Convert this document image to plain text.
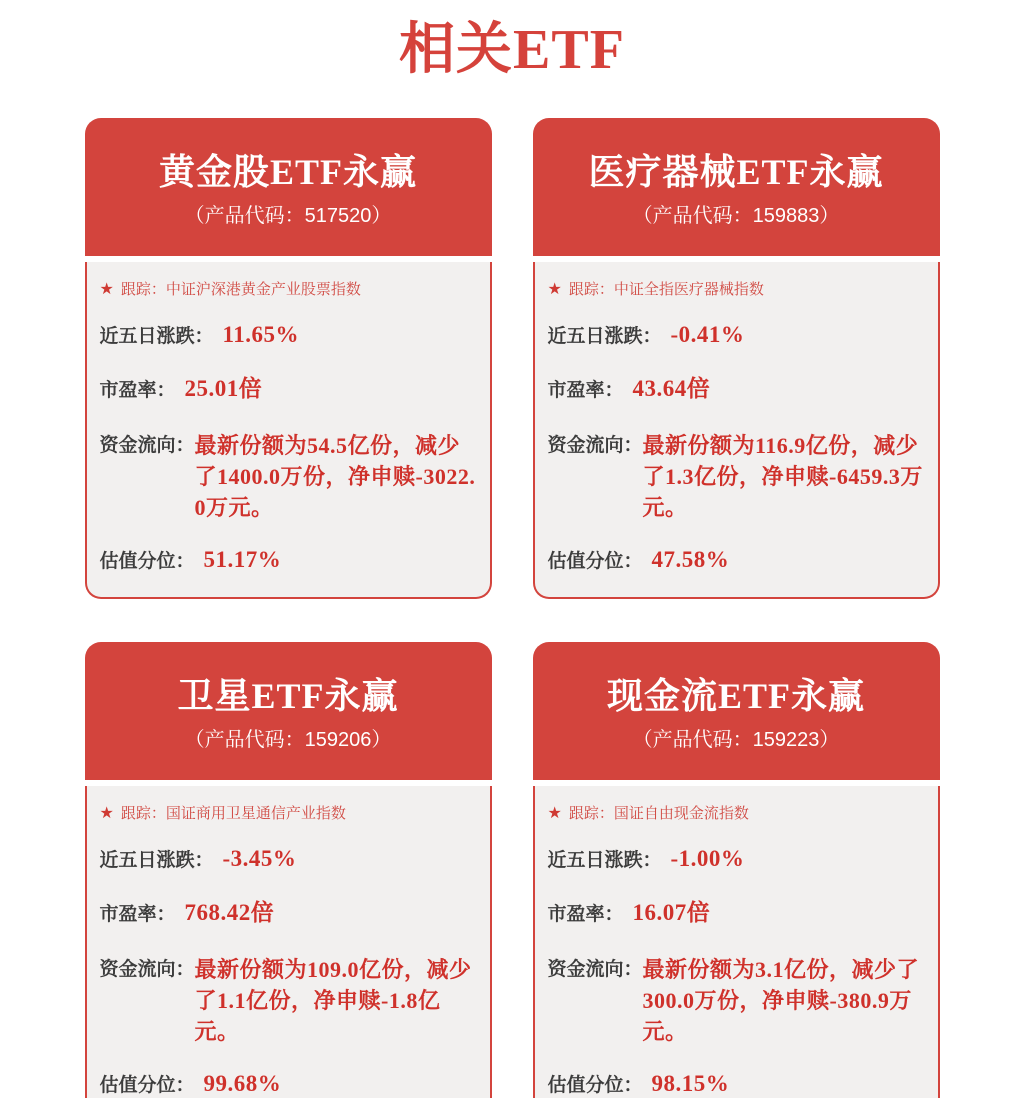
相关ETF
黄金股ETF永赢
（产品代码：517520）
★ 跟踪： 中证沪深港黄金产业股票指数
近五日涨跌： 11.65%
市盈率： 25.01倍
资金流向： 最新份额为54.5亿份，减少了1400.0万份，净申赎-3022.0万元。
估值分位： 51.17%
医疗器械ETF永赢
（产品代码：159883）
★ 跟踪： 中证全指医疗器械指数
近五日涨跌： -0.41%
市盈率： 43.64倍
资金流向： 最新份额为116.9亿份，减少了1.3亿份，净申赎-6459.3万元。
估值分位： 47.58%
卫星ETF永赢
（产品代码：159206）
★ 跟踪： 国证商用卫星通信产业指数
近五日涨跌： -3.45%
市盈率： 768.42倍
资金流向： 最新份额为109.0亿份，减少了1.1亿份，净申赎-1.8亿元。
估值分位： 99.68%
现金流ETF永赢
（产品代码：159223）
★ 跟踪： 国证自由现金流指数
近五日涨跌： -1.00%
市盈率： 16.07倍
资金流向： 最新份额为3.1亿份，减少了300.0万份，净申赎-380.9万元。
估值分位： 98.15%
